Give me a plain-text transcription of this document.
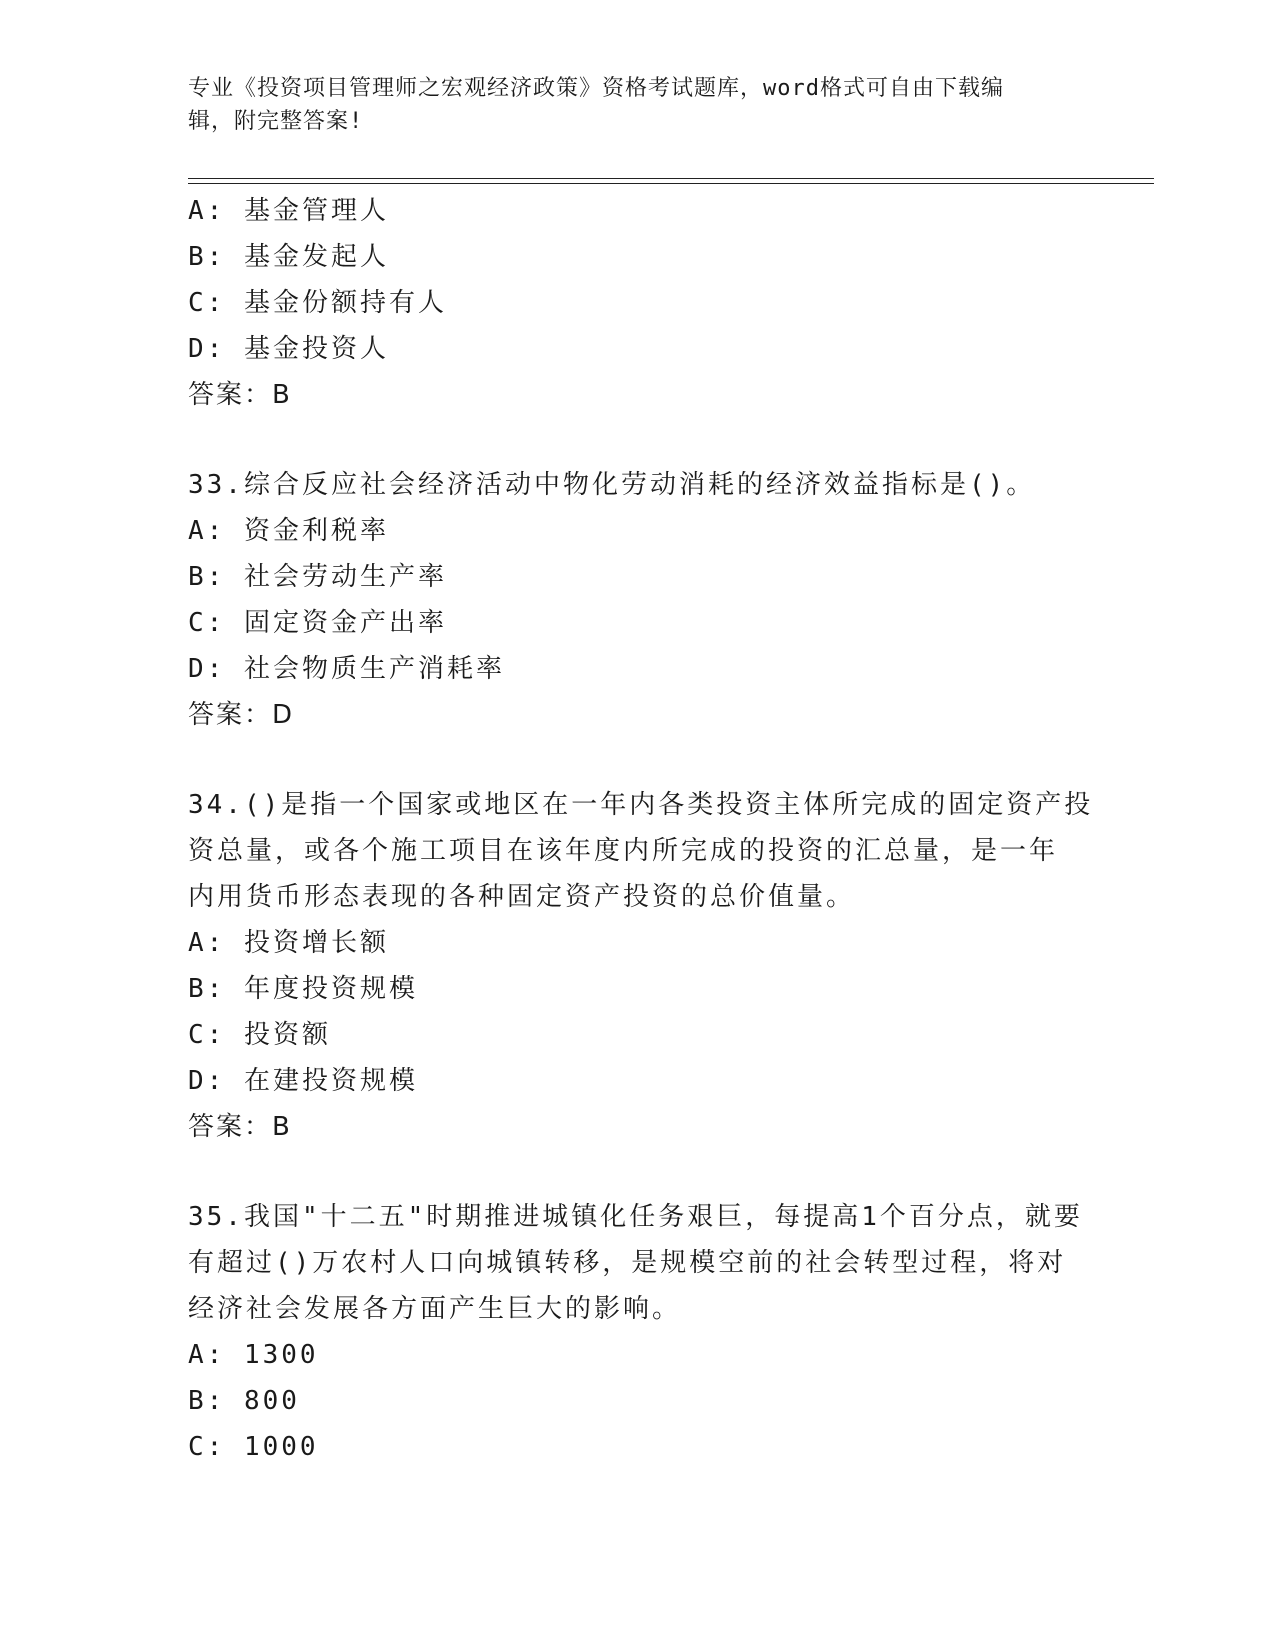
专业《投资项目管理师之宏观经济政策》资格考试题库，word格式可自由下载编
辑，附完整答案!
A: 基金管理人
B: 基金发起人
C: 基金份额持有人
D: 基金投资人
答案：B
33.综合反应社会经济活动中物化劳动消耗的经济效益指标是()。
A: 资金利税率
B: 社会劳动生产率
C: 固定资金产出率
D: 社会物质生产消耗率
答案：D
34.()是指一个国家或地区在一年内各类投资主体所完成的固定资产投
资总量，或各个施工项目在该年度内所完成的投资的汇总量，是一年
内用货币形态表现的各种固定资产投资的总价值量。
A: 投资增长额
B: 年度投资规模
C: 投资额
D: 在建投资规模
答案：B
35.我国"十二五"时期推进城镇化任务艰巨，每提高1个百分点，就要
有超过()万农村人口向城镇转移，是规模空前的社会转型过程，将对
经济社会发展各方面产生巨大的影响。
A: 1300
B: 800
C: 1000
